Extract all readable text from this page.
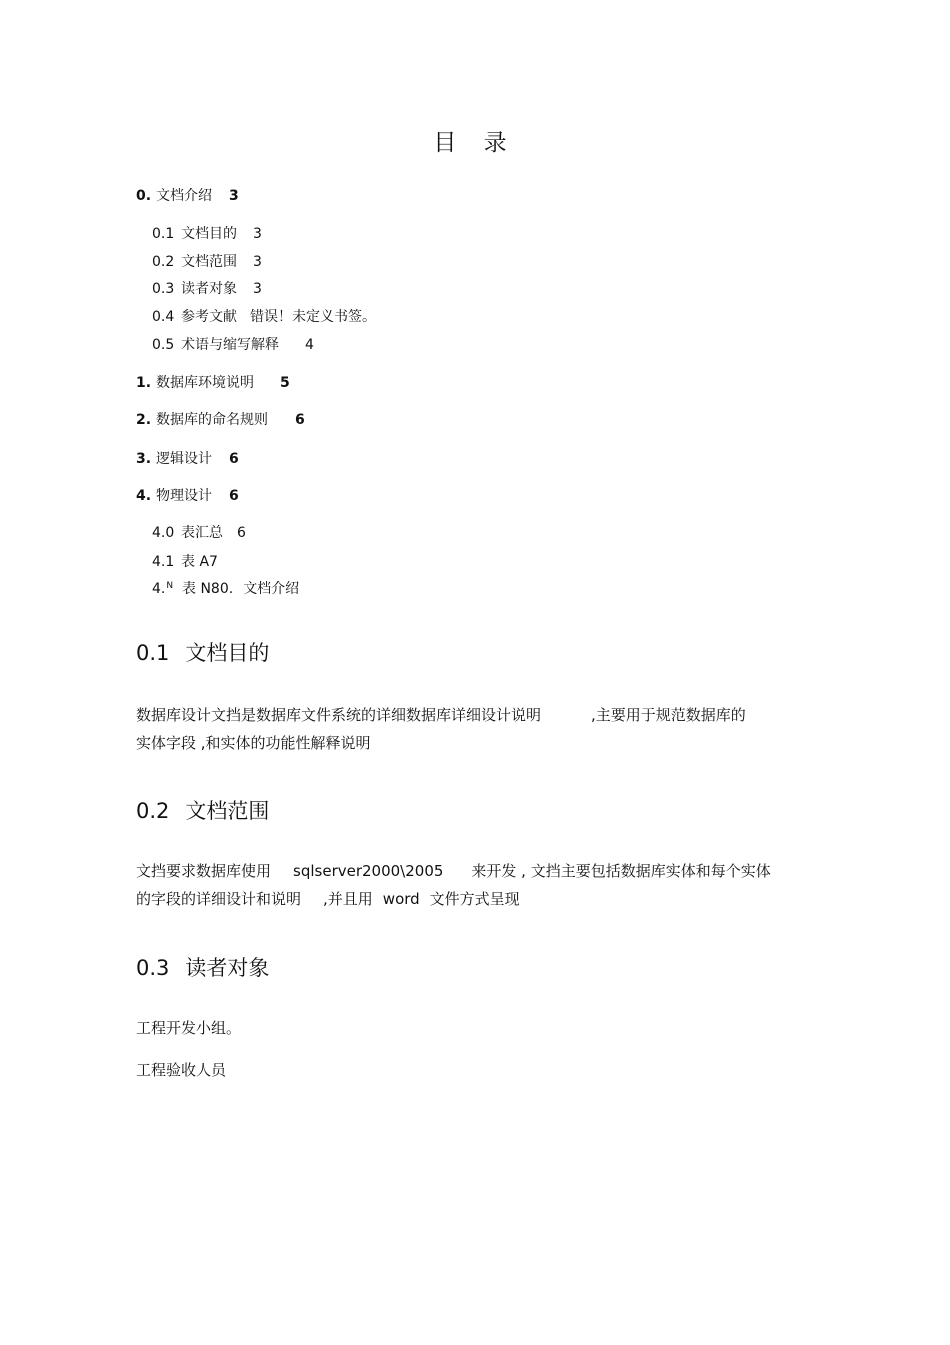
目 录
0. 文档介绍 3
0.1 文档目的 3
0.2 文档范围 3
0.3 读者对象 3
0.4 参考文献 错误！未定义书签。
0.5 术语与缩写解释 4
1. 数据库环境说明 5
2. 数据库的命名规则 6
3. 逻辑设计 6
4. 物理设计 6
4.0 表汇总 6
4.1 表 A7
4.$^N$ 表 N80. 文档介绍
0.1 文档目的
数据库设计文挡是数据库文件系统的详细数据库详细设计说明	,主要用于规范数据库的
实体字段 ,和实体的功能性解释说明
0.2 文档范围
文挡要求数据库使用 sqlserver2000\2005 来开发 , 文挡主要包括数据库实体和每个实体
的字段的详细设计和说明 ,并且用 word 文件方式呈现
0.3 读者对象
工程开发小组。
工程验收人员
